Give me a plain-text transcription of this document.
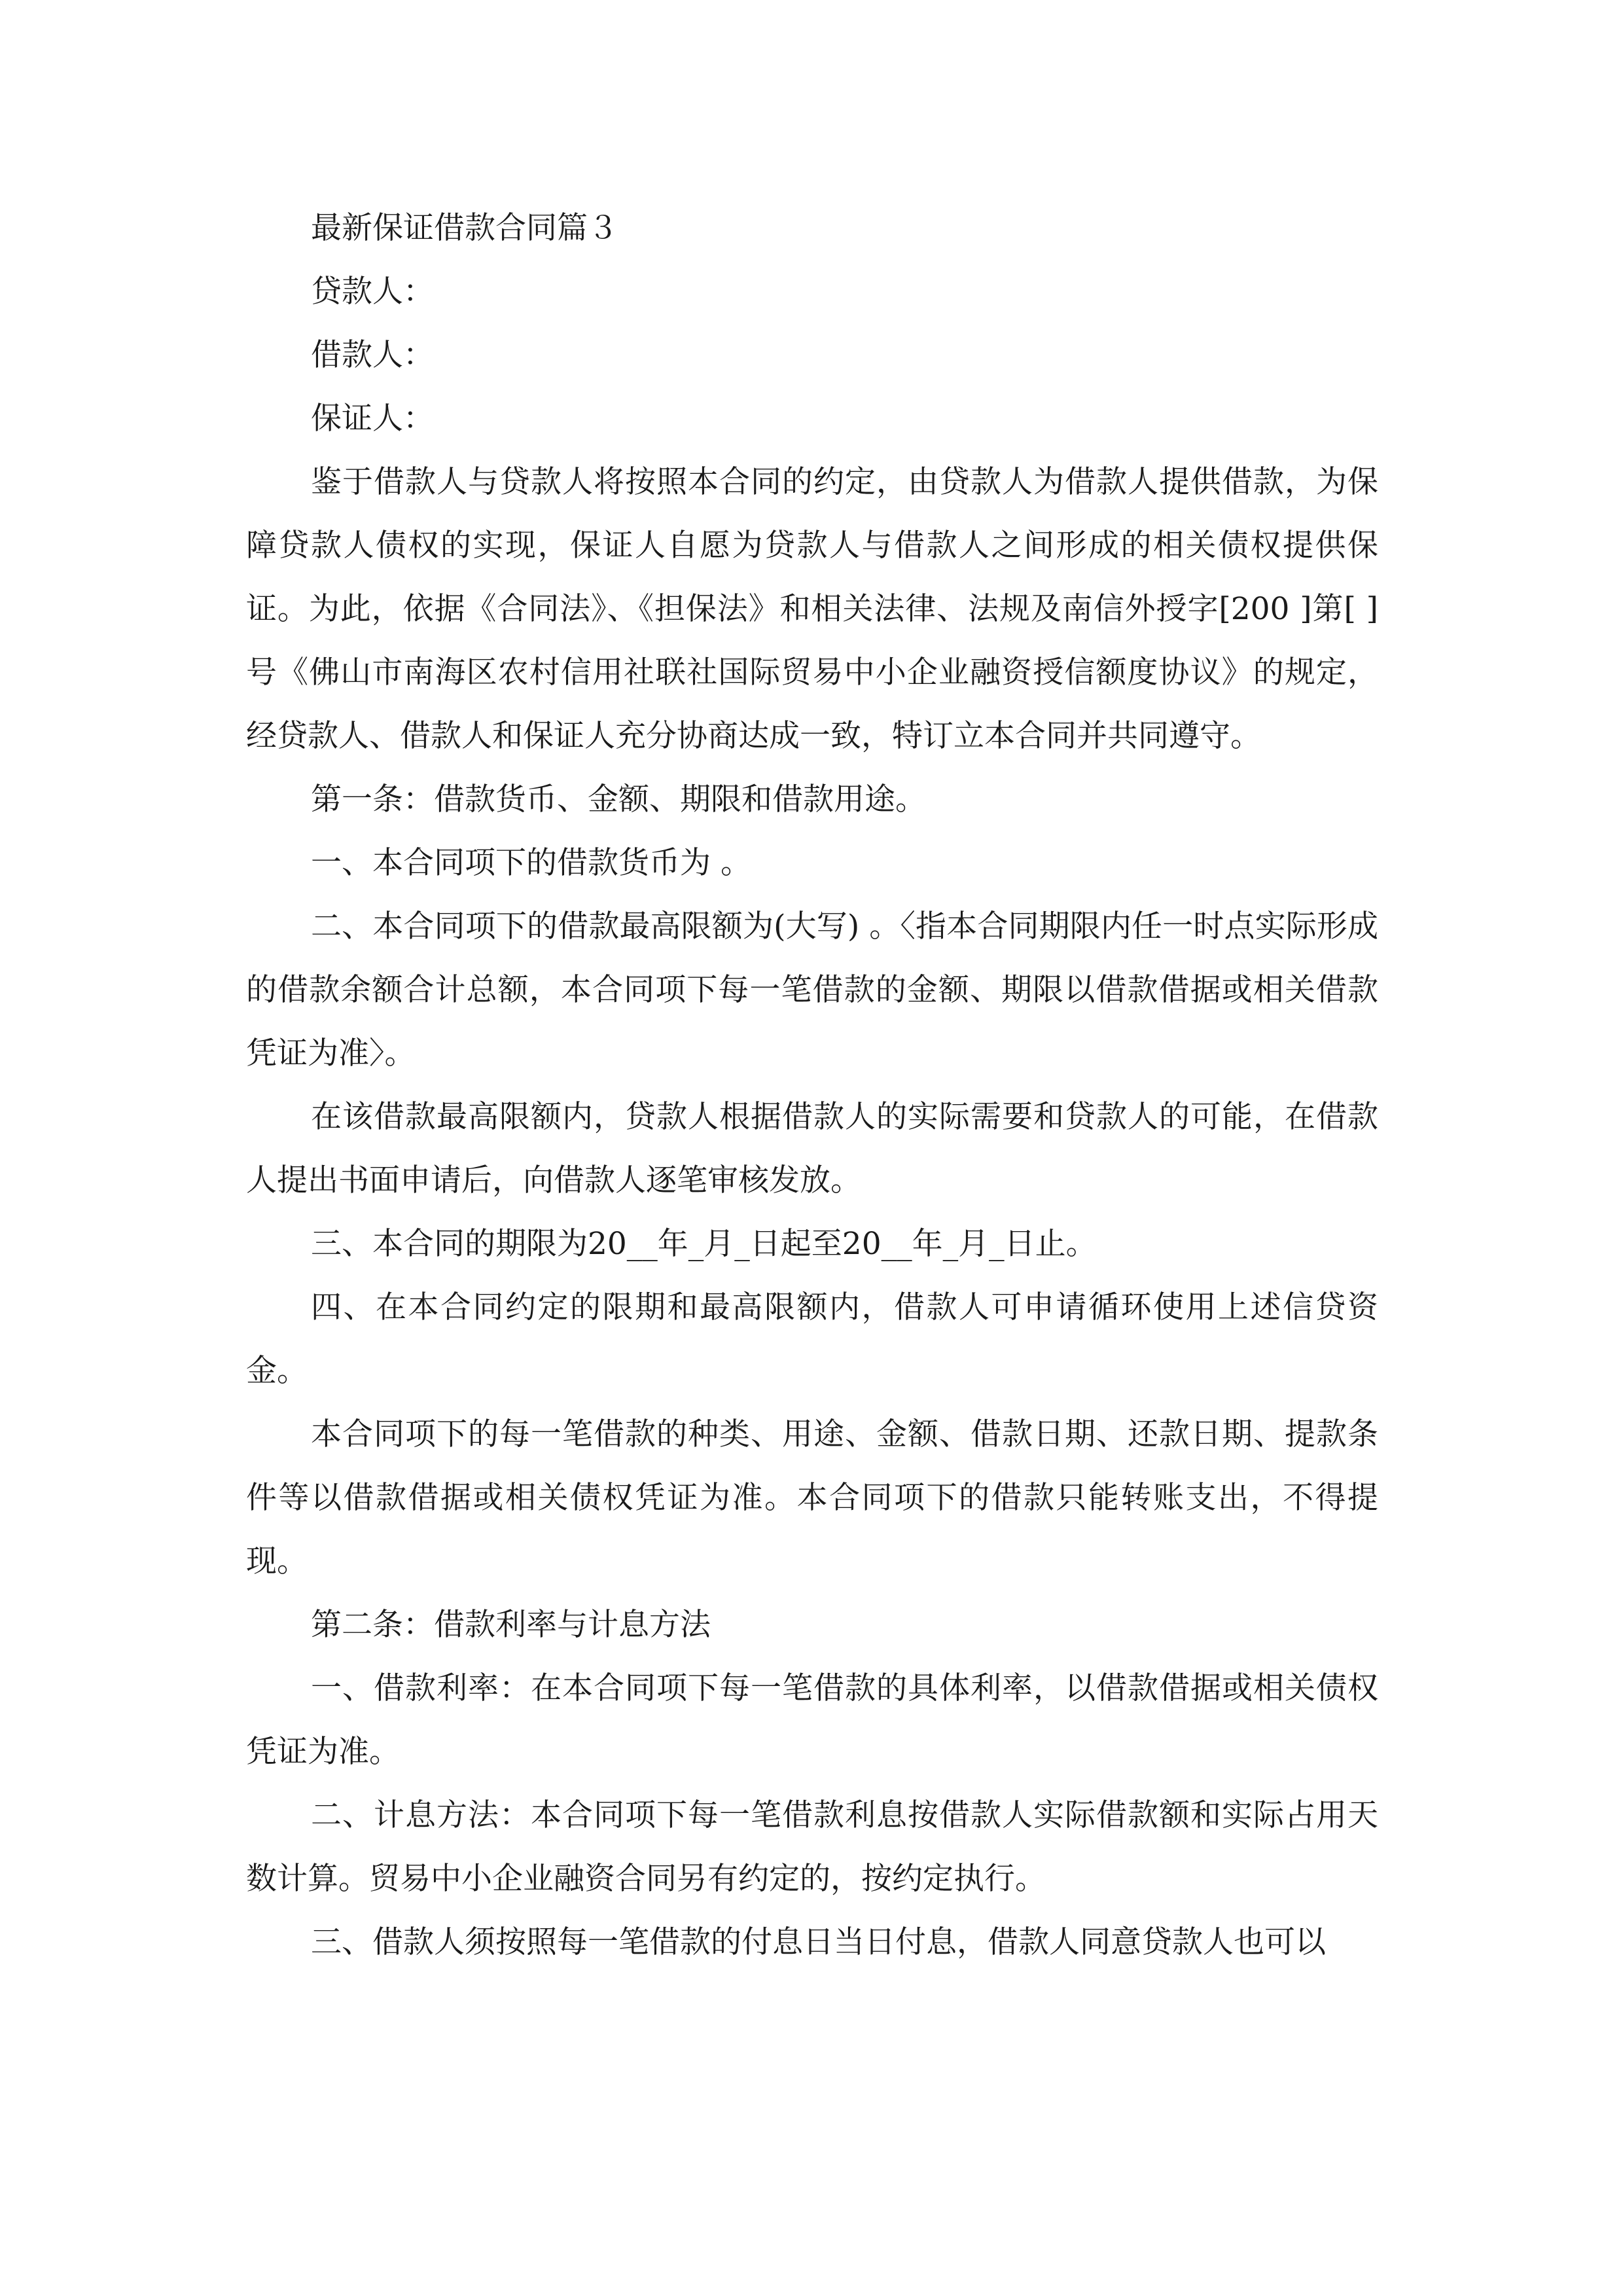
最新保证借款合同篇３

贷款人：

借款人：

保证人：

鉴于借款人与贷款人将按照本合同的约定，由贷款人为借款人提供借款，为保障贷款人债权的实现，保证人自愿为贷款人与借款人之间形成的相关债权提供保证。为此，依据《合同法》、《担保法》和相关法律、法规及南信外授字[200 ]第[ ]号《佛山市南海区农村信用社联社国际贸易中小企业融资授信额度协议》的规定，经贷款人、借款人和保证人充分协商达成一致，特订立本合同并共同遵守。

第一条：借款货币、金额、期限和借款用途。

一、本合同项下的借款货币为 。

二、本合同项下的借款最高限额为(大写) 。〈指本合同期限内任一时点实际形成的借款余额合计总额，本合同项下每一笔借款的金额、期限以借款借据或相关借款凭证为准〉。

在该借款最高限额内，贷款人根据借款人的实际需要和贷款人的可能，在借款人提出书面申请后，向借款人逐笔审核发放。

三、本合同的期限为20__年_月_日起至20__年_月_日止。

四、在本合同约定的限期和最高限额内，借款人可申请循环使用上述信贷资金。

本合同项下的每一笔借款的种类、用途、金额、借款日期、还款日期、提款条件等以借款借据或相关债权凭证为准。本合同项下的借款只能转账支出，不得提现。

第二条：借款利率与计息方法

一、借款利率：在本合同项下每一笔借款的具体利率，以借款借据或相关债权凭证为准。

二、计息方法：本合同项下每一笔借款利息按借款人实际借款额和实际占用天数计算。贸易中小企业融资合同另有约定的，按约定执行。

三、借款人须按照每一笔借款的付息日当日付息，借款人同意贷款人也可以
